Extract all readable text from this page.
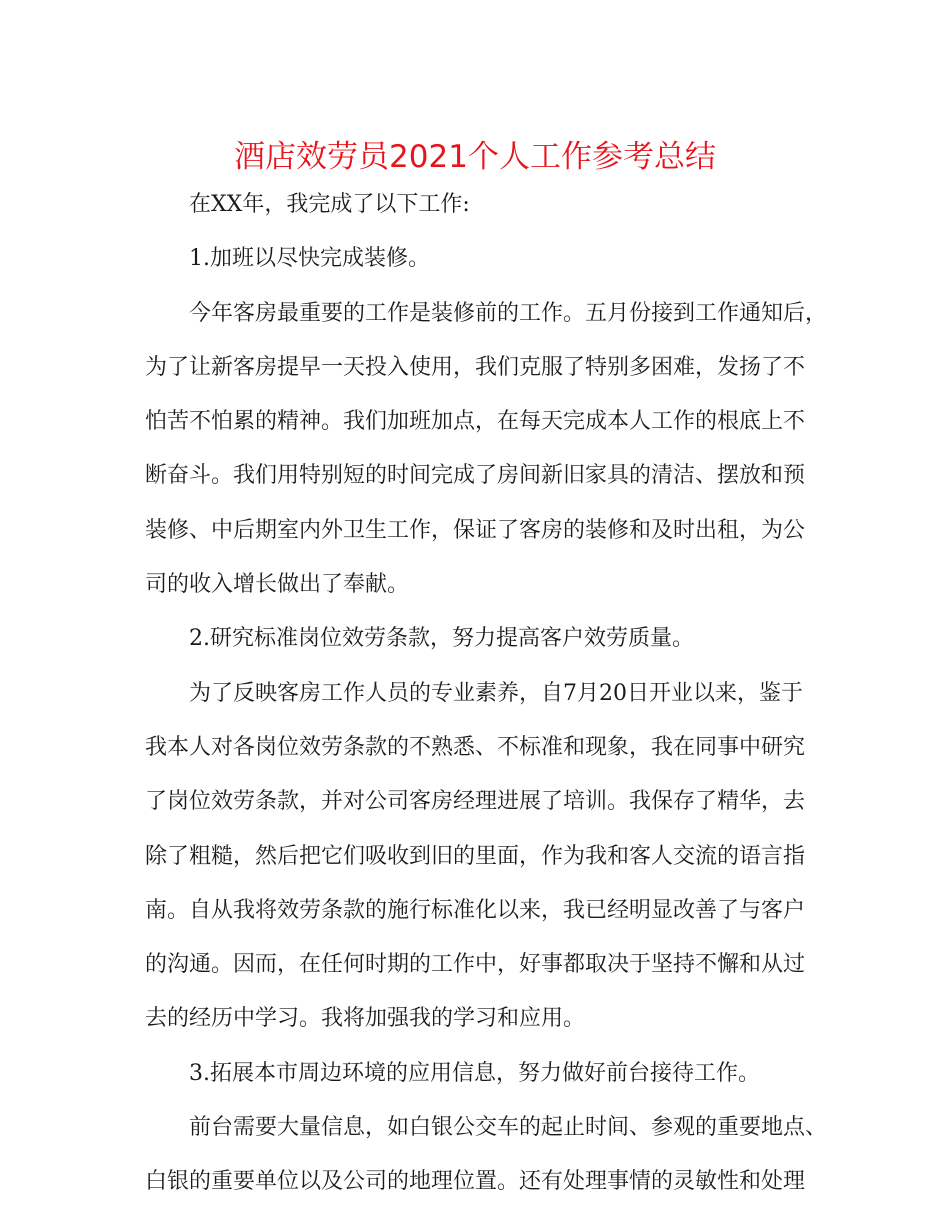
酒店效劳员2021个人工作参考总结

在XX年，我完成了以下工作:

1.加班以尽快完成装修。

今年客房最重要的工作是装修前的工作。五月份接到工作通知后，

为了让新客房提早一天投入使用，我们克服了特别多困难，发扬了不

怕苦不怕累的精神。我们加班加点，在每天完成本人工作的根底上不

断奋斗。我们用特别短的时间完成了房间新旧家具的清洁、摆放和预

装修、中后期室内外卫生工作，保证了客房的装修和及时出租，为公

司的收入增长做出了奉献。

2.研究标准岗位效劳条款，努力提高客户效劳质量。

为了反映客房工作人员的专业素养，自7月20日开业以来，鉴于

我本人对各岗位效劳条款的不熟悉、不标准和现象，我在同事中研究

了岗位效劳条款，并对公司客房经理进展了培训。我保存了精华，去

除了粗糙，然后把它们吸收到旧的里面，作为我和客人交流的语言指

南。自从我将效劳条款的施行标准化以来，我已经明显改善了与客户

的沟通。因而，在任何时期的工作中，好事都取决于坚持不懈和从过

去的经历中学习。我将加强我的学习和应用。

3.拓展本市周边环境的应用信息，努力做好前台接待工作。

前台需要大量信息，如白银公交车的起止时间、参观的重要地点、

白银的重要单位以及公司的地理位置。还有处理事情的灵敏性和处理
